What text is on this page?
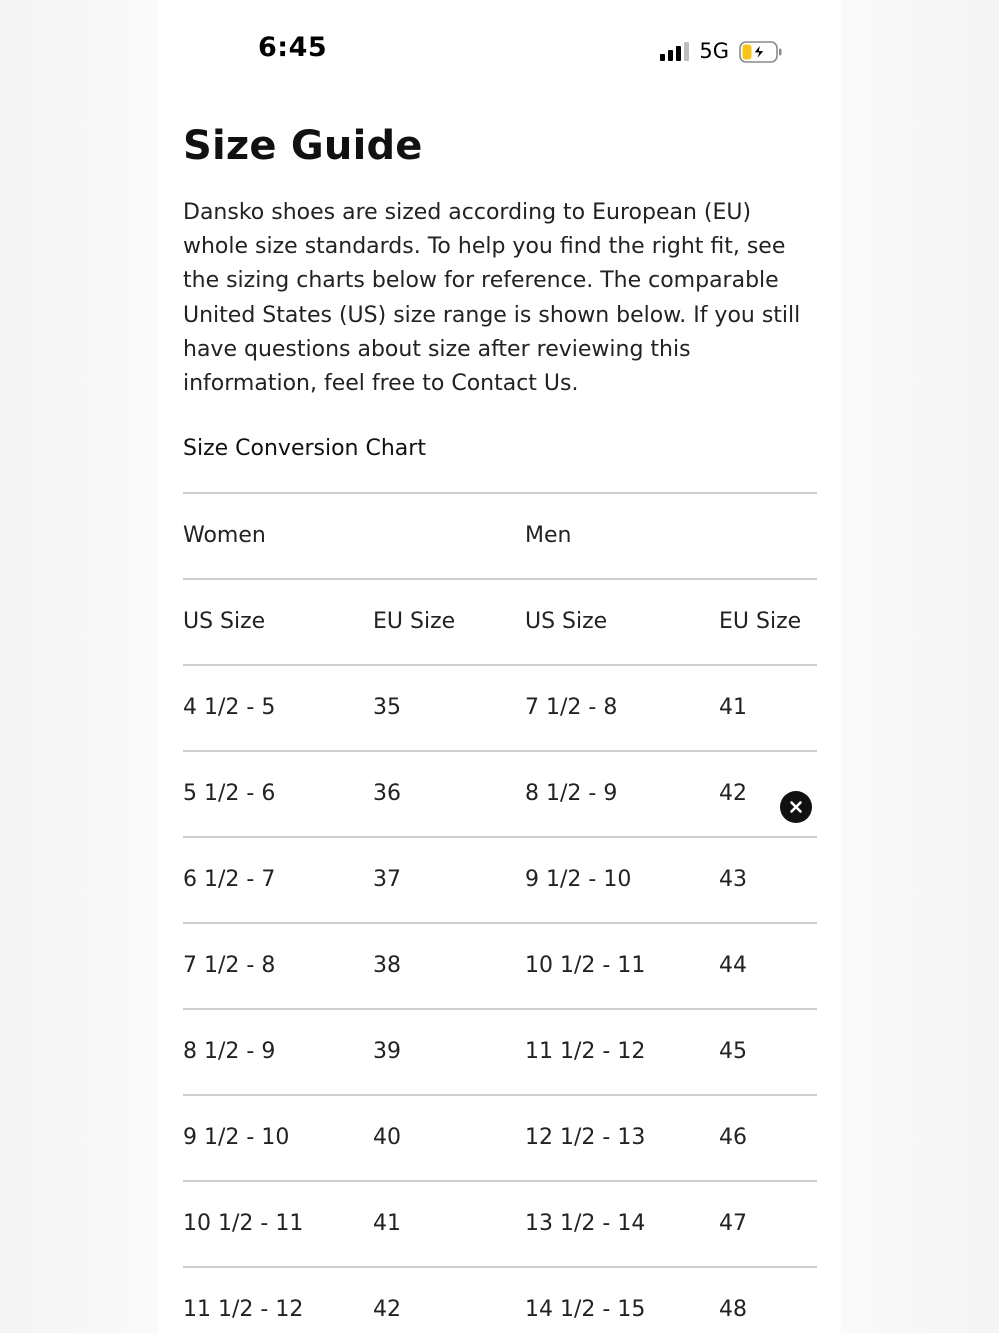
6:45	5G
Size Guide

Dansko shoes are sized according to European (EU) whole size standards. To help you find the right fit, see the sizing charts below for reference. The comparable United States (US) size range is shown below. If you still have questions about size after reviewing this information, feel free to Contact Us.

Size Conversion Chart
Women	Men
US Size	EU Size	US Size	EU Size
4 1/2 - 5	35	7 1/2 - 8	41
5 1/2 - 6	36	8 1/2 - 9	42
6 1/2 - 7	37	9 1/2 - 10	43
7 1/2 - 8	38	10 1/2 - 11	44
8 1/2 - 9	39	11 1/2 - 12	45
9 1/2 - 10	40	12 1/2 - 13	46
10 1/2 - 11	41	13 1/2 - 14	47
11 1/2 - 12	42	14 1/2 - 15	48
